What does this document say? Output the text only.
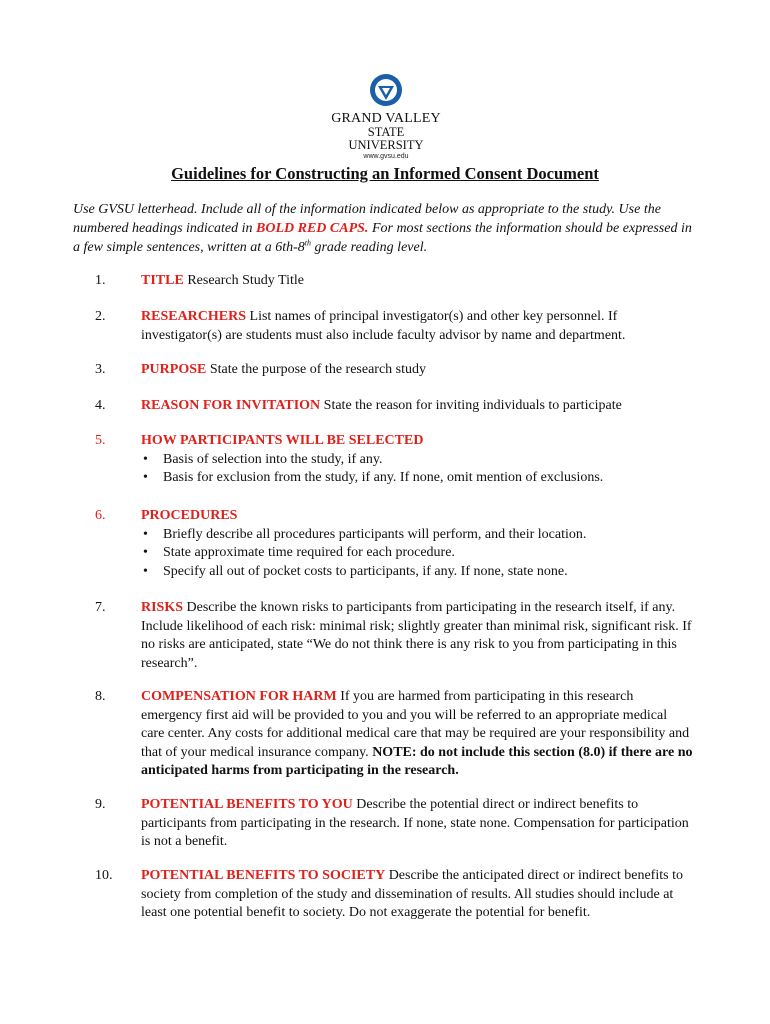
GRAND VALLEY
STATE UNIVERSITY
www.gvsu.edu
Guidelines for Constructing an Informed Consent Document
Use GVSU letterhead. Include all of the information indicated below as appropriate to the study. Use the numbered headings indicated in BOLD RED CAPS. For most sections the information should be expressed in a few simple sentences, written at a 6th-8th grade reading level.
1.	TITLE Research Study Title
2.	RESEARCHERS List names of principal investigator(s) and other key personnel. If investigator(s) are students must also include faculty advisor by name and department.
3.	PURPOSE State the purpose of the research study
4.	REASON FOR INVITATION State the reason for inviting individuals to participate
5.	HOW PARTICIPANTS WILL BE SELECTED
• Basis of selection into the study, if any.
• Basis for exclusion from the study, if any. If none, omit mention of exclusions.
6.	PROCEDURES
• Briefly describe all procedures participants will perform, and their location.
• State approximate time required for each procedure.
• Specify all out of pocket costs to participants, if any. If none, state none.
7.	RISKS Describe the known risks to participants from participating in the research itself, if any. Include likelihood of each risk: minimal risk; slightly greater than minimal risk, significant risk. If no risks are anticipated, state “We do not think there is any risk to you from participating in this research”.
8.	COMPENSATION FOR HARM If you are harmed from participating in this research emergency first aid will be provided to you and you will be referred to an appropriate medical care center. Any costs for additional medical care that may be required are your responsibility and that of your medical insurance company. NOTE: do not include this section (8.0) if there are no anticipated harms from participating in the research.
9.	POTENTIAL BENEFITS TO YOU Describe the potential direct or indirect benefits to participants from participating in the research. If none, state none. Compensation for participation is not a benefit.
10.	POTENTIAL BENEFITS TO SOCIETY Describe the anticipated direct or indirect benefits to society from completion of the study and dissemination of results. All studies should include at least one potential benefit to society. Do not exaggerate the potential for benefit.
